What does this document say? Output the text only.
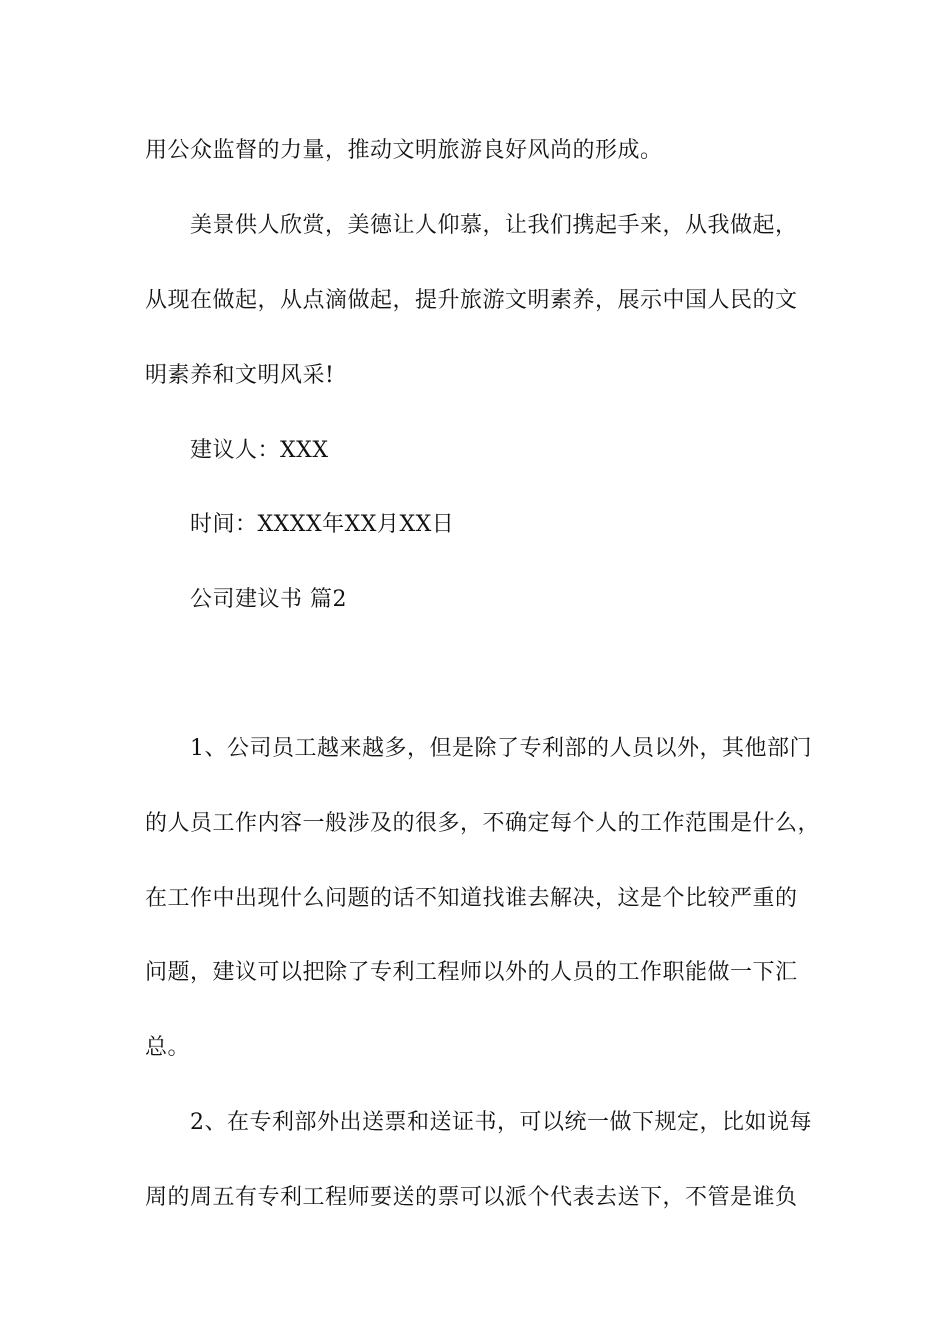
用公众监督的力量，推动文明旅游良好风尚的形成。
美景供人欣赏，美德让人仰慕，让我们携起手来，从我做起，
从现在做起，从点滴做起，提升旅游文明素养，展示中国人民的文
明素养和文明风采!
建议人：XXX
时间：XXXX年XX月XX日
公司建议书 篇2
1、公司员工越来越多，但是除了专利部的人员以外，其他部门
的人员工作内容一般涉及的很多，不确定每个人的工作范围是什么，
在工作中出现什么问题的话不知道找谁去解决，这是个比较严重的
问题，建议可以把除了专利工程师以外的人员的工作职能做一下汇
总。
2、在专利部外出送票和送证书，可以统一做下规定，比如说每
周的周五有专利工程师要送的票可以派个代表去送下，不管是谁负
